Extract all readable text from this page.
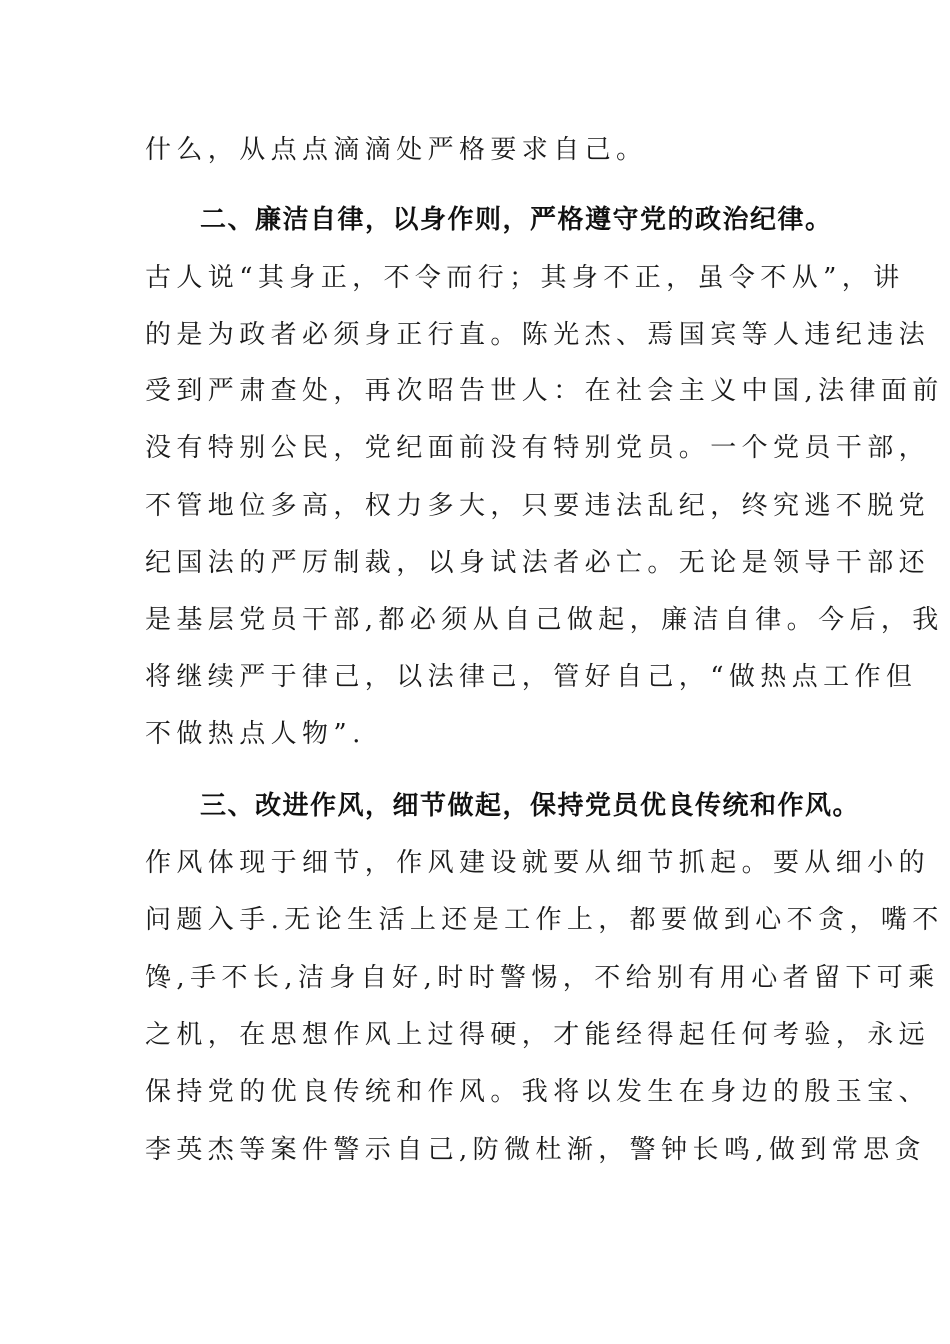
什么，从点点滴滴处严格要求自己。
二、廉洁自律，以身作则，严格遵守党的政治纪律。
古人说“其身正，不令而行；其身不正，虽令不从”，讲
的是为政者必须身正行直。陈光杰、焉国宾等人违纪违法
受到严肃查处，再次昭告世人：在社会主义中国,法律面前
没有特别公民，党纪面前没有特别党员。一个党员干部，
不管地位多高，权力多大，只要违法乱纪，终究逃不脱党
纪国法的严厉制裁，以身试法者必亡。无论是领导干部还
是基层党员干部,都必须从自己做起，廉洁自律。今后，我
将继续严于律己，以法律己，管好自己，“做热点工作但
不做热点人物”.
三、改进作风，细节做起，保持党员优良传统和作风。
作风体现于细节，作风建设就要从细节抓起。要从细小的
问题入手.无论生活上还是工作上，都要做到心不贪，嘴不
馋,手不长,洁身自好,时时警惕，不给别有用心者留下可乘
之机，在思想作风上过得硬，才能经得起任何考验，永远
保持党的优良传统和作风。我将以发生在身边的殷玉宝、
李英杰等案件警示自己,防微杜渐，警钟长鸣,做到常思贪
